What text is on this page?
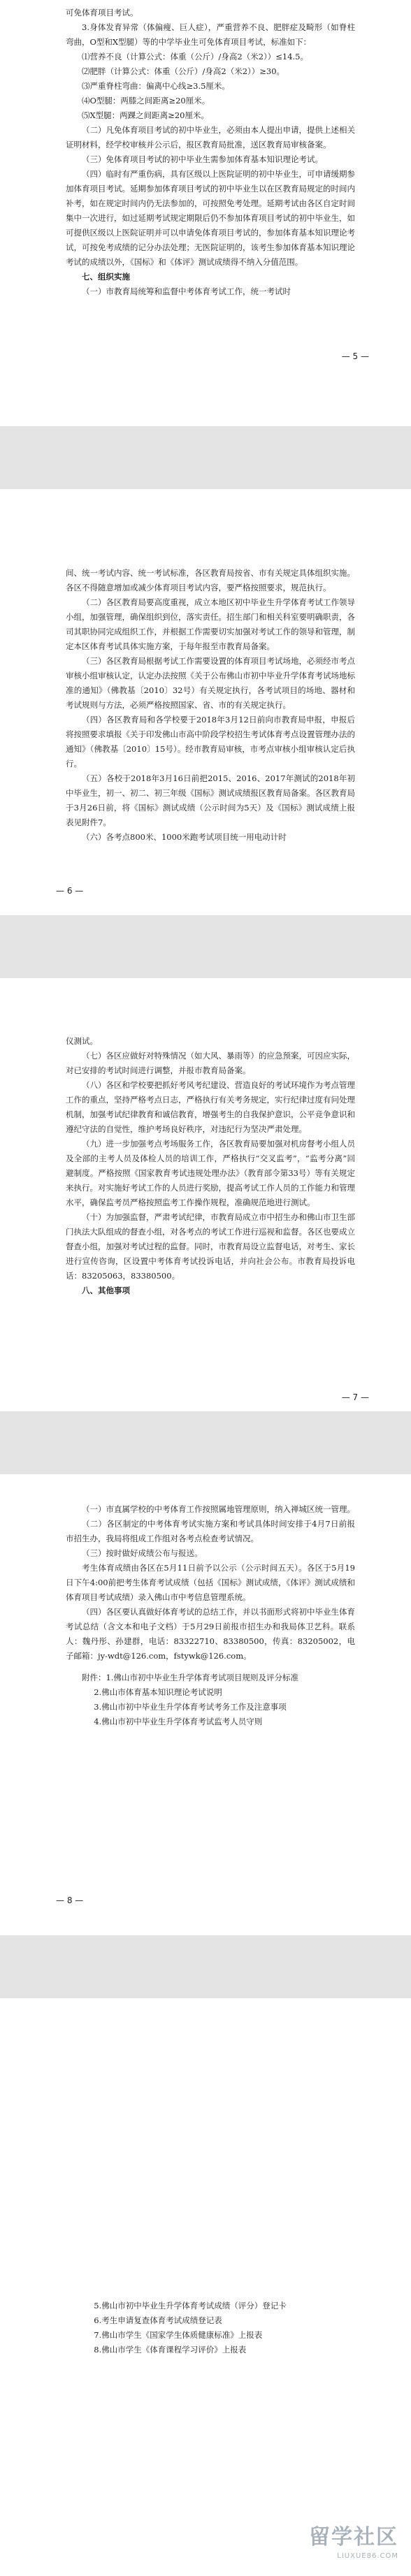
可免体育项目考试。

3.身体发育异常（体偏瘦、巨人症），严重营养不良、肥胖症及畸形（如脊柱弯曲，O型和X型腿）等的中学毕业生可免体育项目考试，标准如下：

⑴营养不良（计算公式：体重（公斤）/身高2（米2））≤14.5。

⑵肥胖（计算公式：体重（公斤）/身高2（米2））≥30。

⑶严重脊柱弯曲：偏离中心线≥3.5厘米。

⑷O型腿：两膝之间距离≥20厘米。

⑸X型腿：两踝之间距离≥20厘米。

（二）凡免体育项目考试的初中毕业生，必须由本人提出申请，提供上述相关证明材料，经学校审核并公示后，报区教育局批准，送区教育局审核备案。

（三）免体育项目考试的初中毕业生需参加体育基本知识理论考试。

（四）临时有严重伤病，具有区级以上医院证明的初中毕业生，可申请缓期参加体育项目考试。延期参加体育项目考试的初中毕业生以在区教育局规定的时间内补考，如在规定时间内仍无法参加的，可按照免考处理。延期考试由各区自定时间集中一次进行，如过延期考试规定期限后仍不参加体育项目考试的初中毕业生，如可提供区级以上医院证明并可以申请免体育项目考试的，参加体育基本知识理论考试，可按免考成绩的记分办法处理；无医院证明的，该考生参加体育基本知识理论考试的成绩以外，《国标》和《体评》测试成绩得不纳入分值范围。

七、组织实施

（一）市教育局统筹和监督中考体育考试工作，统一考试时

— 5 —

间、统一考试内容、统一考试标准，各区教育局按省、市有关规定具体组织实施。各区不得随意增加或减少体育项目考试内容，要严格按照要求，规范执行。

（二）各区教育局要高度重视，成立本地区初中毕业生升学体育考试工作领导小组，加强管理，确保组织到位，落实责任。招生部门和相关科室要明确职责，各司其职协同完成组织工作，并根据工作需要切实加强对考试工作的领导和管理，制定本区体育考试具体实施方案，于每年报至市教育局备案。

（三）各区教育局根据考试工作需要设置的体育项目考试场地，必须经市考点审核小组审核认定，认定办法按照《关于公布佛山市初中毕业升学体育考试场地标准的通知》（佛教基〔2010〕32号）有关规定执行，各考试项目的场地、器材和考试规则与方法，必须严格按照国家、省、市的有关规定执行。

（四）各区教育局和各学校要于2018年3月12日前向市教育局申报，申报后将按照要求填报《关于印发佛山市高中阶段学校招生考试体育考点设置管理办法的通知》（佛教基〔2010〕15号）。经市教育局审核，市考点审核小组审核认定后执行。

（五）各校于2018年3月16日前把2015、2016、2017年测试的2018年初中毕业生，初一、初二、初三年级《国标》测试成绩报区教育局备案。各区教育局于3月26日前，将《国标》测试成绩（公示时间为5天）及《国标》测试成绩上报表见附件7。

（六）各考点800米、1000米跑考试项目统一用电动计时

— 6 —

仪测试。

（七）各区应做好对特殊情况（如大风、暴雨等）的应急预案，可因应实际，对已安排的考试时间进行调整，并报市教育局备案。

（八）各区和学校要把抓好考风考纪建设、营造良好的考试环境作为考点管理工作的重点，坚持严格考点日志，严格执行有关考务规定，实行纪律过度有问处理机制，加强考试纪律教育和诚信教育，增强考生的自我保护意识，公平竞争意识和遵纪守法的自觉性，维护考场良好秩序，对违纪行为坚决严肃处理。

（九）进一步加强考点考场服务工作，各区教育局要加强对机房督考小组人员及全部的主考人员及体检人员的培训工作，严格执行“交叉监考”，“监考分离”回避制度。严格按照《国家教育考试违规处理办法》（教育部令第33号）等有关规定来执行。对实施好考试工作的人员进行奖励，提高考试工作人员的工作能力和管理水平，确保监考员严格按照监考工作操作规程，准确规范地进行测试。

（十）为加强监督，严肃考试纪律，市教育局成立市中招生办和佛山市卫生部门执法大队组成的督查小组，对各考点的考试工作进行巡视和监督。各区也要成立督查小组，加强对考试过程的监督。同时，市教育局设立监督电话，对考生、家长进行宣传咨询，区设置中考体育考试投诉电话，并向社会公布。市教育局投诉电话：83205063，83380500。

八、其他事项

— 7 —

（一）市直属学校的中考体育工作按照属地管理原则，纳入禅城区统一管理。

（二）各区制定的中考体育考试实施方案和考试具体时间安排于4月7日前报市招生办，我局将组成工作组对各考点检查考试情况。

（三）按时做好成绩公布与报送。

考生体育成绩由各区在5月11日前予以公示（公示时间五天）。各区于5月19日下午4:00前把考生体育考试成绩（包括《国标》测试成绩，《体评》测试成绩和体育项目考试成绩）录入佛山市中考信息管理系统。

（四）各区要认真做好体育考试的总结工作，并以书面形式将初中毕业生体育考试总结（含文本和电子文档）于5月29日前报市招生办和我局体卫艺科。联系人：魏丹彤、孙建群，电话：83322710、83380500，传真：83205002，电子邮箱：jy-wdt@126.com，fstywk@126.com。

附件：1.佛山市初中毕业生升学体育考试项目规则及评分标准

2.佛山市体育基本知识理论考试说明

3.佛山市初中毕业生升学体育考试考务工作及注意事项

4.佛山市初中毕业生升学体育考试监考人员守则

— 8 —

5.佛山市初中毕业生升学体育考试成绩（评分）登记卡

6.考生申请复查体育考试成绩登记表

7.佛山市学生《国家学生体质健康标准》上报表

8.佛山市学生《体育课程学习评价》上报表

留学社区
LIUXUE86.COM
